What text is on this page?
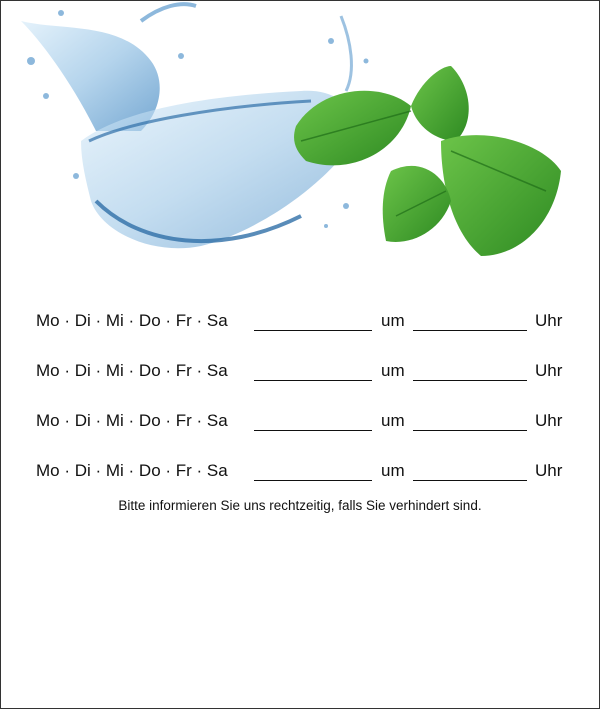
Mo · Di · Mi · Do · Fr · Sa	um	Uhr
Mo · Di · Mi · Do · Fr · Sa	um	Uhr
Mo · Di · Mi · Do · Fr · Sa	um	Uhr
Mo · Di · Mi · Do · Fr · Sa	um	Uhr
Bitte informieren Sie uns rechtzeitig, falls Sie verhindert sind.
